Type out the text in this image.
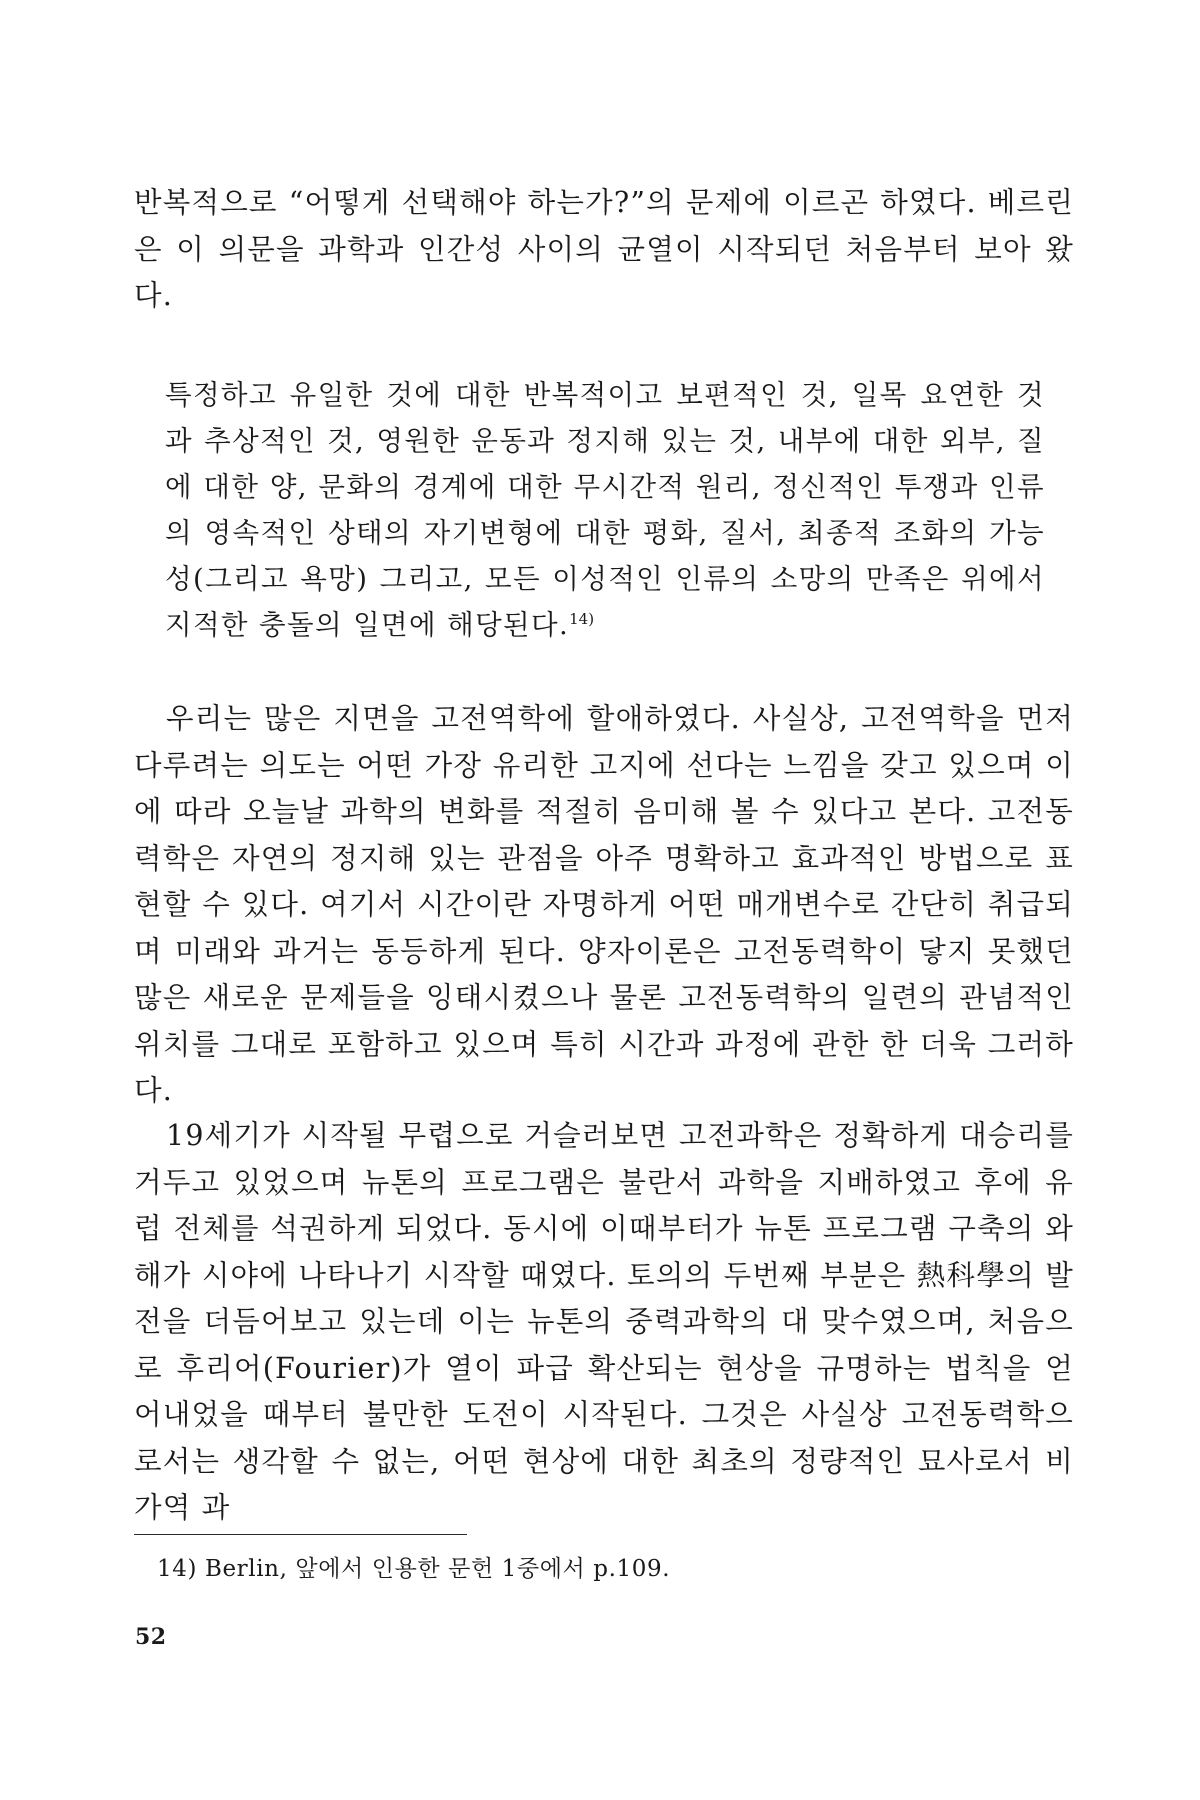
반복적으로 “어떻게 선택해야 하는가?”의 문제에 이르곤 하였다. 베르린은 이 의문을 과학과 인간성 사이의 균열이 시작되던 처음부터 보아 왔다.

특정하고 유일한 것에 대한 반복적이고 보편적인 것, 일목 요연한 것과 추상적인 것, 영원한 운동과 정지해 있는 것, 내부에 대한 외부, 질에 대한 양, 문화의 경계에 대한 무시간적 원리, 정신적인 투쟁과 인류의 영속적인 상태의 자기변형에 대한 평화, 질서, 최종적 조화의 가능성(그리고 욕망) 그리고, 모든 이성적인 인류의 소망의 만족은 위에서 지적한 충돌의 일면에 해당된다.$^{14)}$

우리는 많은 지면을 고전역학에 할애하였다. 사실상, 고전역학을 먼저 다루려는 의도는 어떤 가장 유리한 고지에 선다는 느낌을 갖고 있으며 이에 따라 오늘날 과학의 변화를 적절히 음미해 볼 수 있다고 본다. 고전동력학은 자연의 정지해 있는 관점을 아주 명확하고 효과적인 방법으로 표현할 수 있다. 여기서 시간이란 자명하게 어떤 매개변수로 간단히 취급되며 미래와 과거는 동등하게 된다. 양자이론은 고전동력학이 닿지 못했던 많은 새로운 문제들을 잉태시켰으나 물론 고전동력학의 일련의 관념적인 위치를 그대로 포함하고 있으며 특히 시간과 과정에 관한 한 더욱 그러하다.

19세기가 시작될 무렵으로 거슬러보면 고전과학은 정확하게 대승리를 거두고 있었으며 뉴톤의 프로그램은 불란서 과학을 지배하였고 후에 유럽 전체를 석권하게 되었다. 동시에 이때부터가 뉴톤 프로그램 구축의 와해가 시야에 나타나기 시작할 때였다. 토의의 두번째 부분은 熱科學의 발전을 더듬어보고 있는데 이는 뉴톤의 중력과학의 대 맞수였으며, 처음으로 후리어(Fourier)가 열이 파급 확산되는 현상을 규명하는 법칙을 얻어내었을 때부터 불만한 도전이 시작된다. 그것은 사실상 고전동력학으로서는 생각할 수 없는, 어떤 현상에 대한 최초의 정량적인 묘사로서 비가역 과

14) Berlin, 앞에서 인용한 문헌 1중에서 p.109.
52
